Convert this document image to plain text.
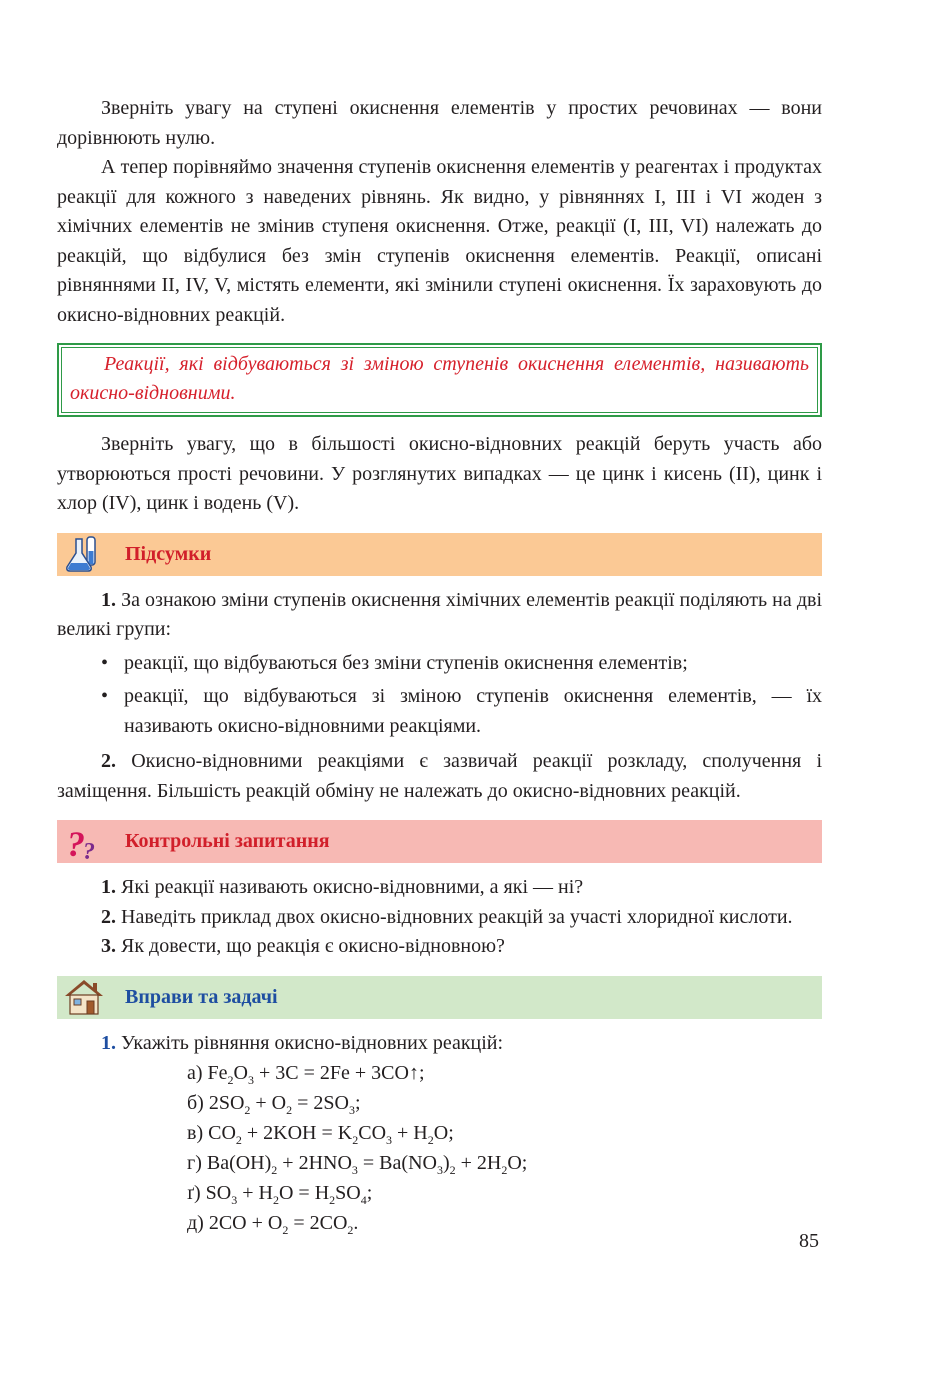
Зверніть увагу на ступені окиснення елементів у простих речовинах — вони дорівнюють нулю.

А тепер порівняймо значення ступенів окиснення елементів у реагентах і продуктах реакції для кожного з наведених рівнянь. Як видно, у рівняннях I, III і VI жоден з хімічних елементів не змінив ступеня окиснення. Отже, реакції (I, III, VI) належать до реакцій, що відбулися без змін ступенів окиснення елементів. Реакції, описані рівняннями II, IV, V, містять елементи, які змінили ступені окиснення. Їх зараховують до окисно-відновних реакцій.

Реакції, які відбуваються зі зміною ступенів окиснення елементів, називають окисно-відновними.

Зверніть увагу, що в більшості окисно-відновних реакцій беруть участь або утворюються прості речовини. У розглянутих випадках — це цинк і кисень (II), цинк і хлор (IV), цинк і водень (V).

Підсумки

1. За ознакою зміни ступенів окиснення хімічних елементів реакції поділяють на дві великі групи:

• реакції, що відбуваються без зміни ступенів окиснення елементів;
• реакції, що відбуваються зі зміною ступенів окиснення елементів, — їх називають окисно-відновними реакціями.

2. Окисно-відновними реакціями є зазвичай реакції розкладу, сполучення і заміщення. Більшість реакцій обміну не належать до окисно-відновних реакцій.

?
? Контрольні запитання
1. Які реакції називають окисно-відновними, а які — ні?
2. Наведіть приклад двох окисно-відновних реакцій за участі хлоридної кислоти.
3. Як довести, що реакція є окисно-відновною?
Вправи та задачі
1. Укажіть рівняння окисно-відновних реакцій:
а) $Fe_2O_3 + 3C = 2Fe$ + 3CO↑;
б) $2SO_2 + O_2 = 2SO_3$;
в) $CO_2 + 2KOH = K_2CO_3 + H_2O$;
г) $Ba(OH)_2 + 2HNO_3 = Ba(NO_3)_2 + 2H_2O$;
ґ) $SO_3 + H_2O = H_2SO_4$;
д) $2CO + O_2 = 2CO_2$.
85
